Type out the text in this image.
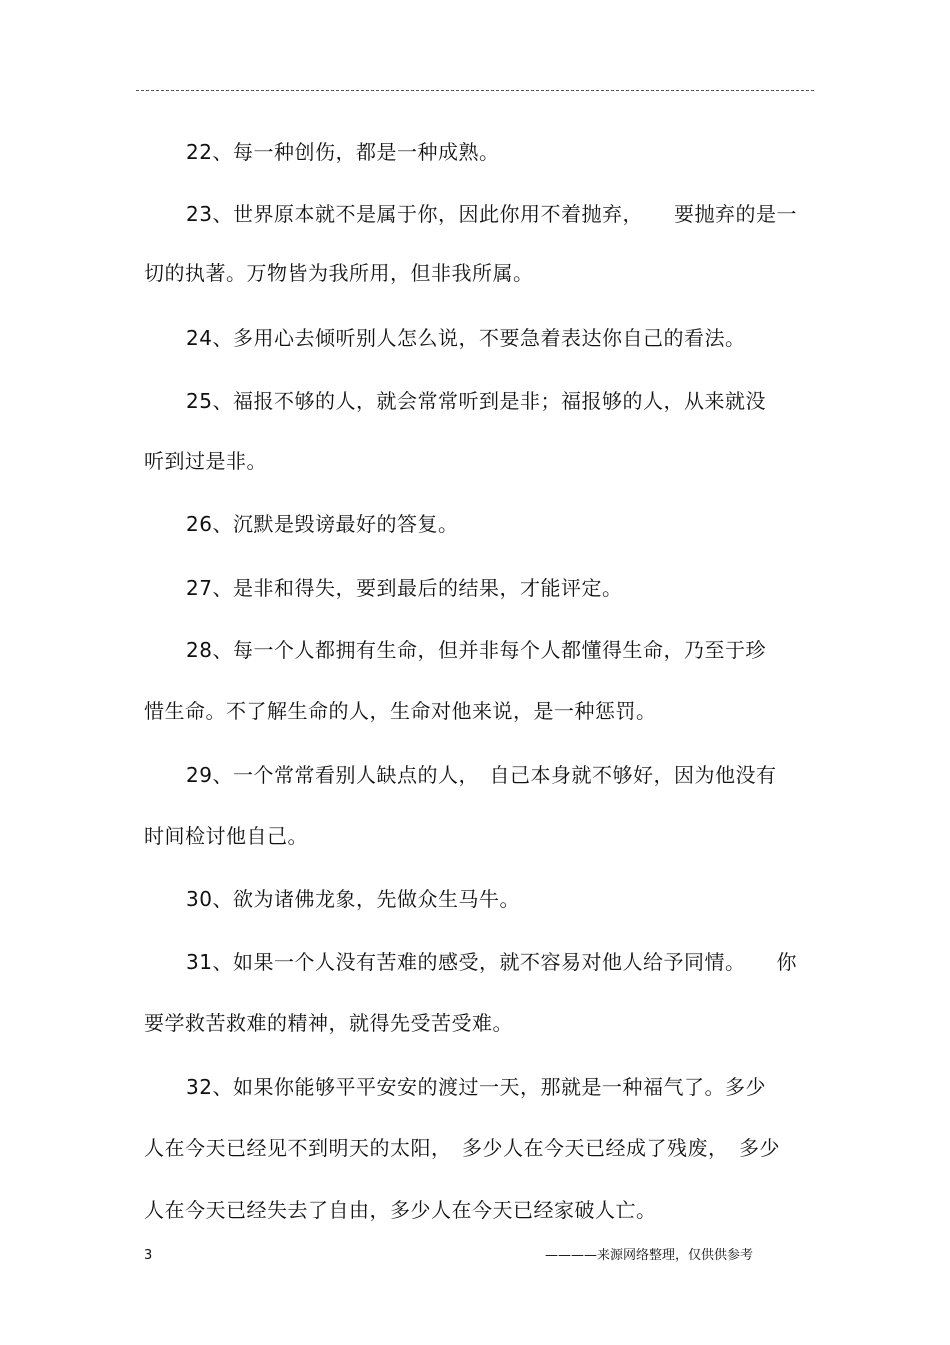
22、每一种创伤，都是一种成熟。
23、世界原本就不是属于你，因此你用不着抛弃，　　要抛弃的是一
切的执著。万物皆为我所用，但非我所属。
24、多用心去倾听别人怎么说，不要急着表达你自己的看法。
25、福报不够的人，就会常常听到是非；福报够的人，从来就没
听到过是非。
26、沉默是毁谤最好的答复。
27、是非和得失，要到最后的结果，才能评定。
28、每一个人都拥有生命，但并非每个人都懂得生命，乃至于珍
惜生命。不了解生命的人，生命对他来说，是一种惩罚。
29、一个常常看别人缺点的人，　自己本身就不够好，因为他没有
时间检讨他自己。
30、欲为诸佛龙象，先做众生马牛。
31、如果一个人没有苦难的感受，就不容易对他人给予同情。　　你
要学救苦救难的精神，就得先受苦受难。
32、如果你能够平平安安的渡过一天，那就是一种福气了。多少
人在今天已经见不到明天的太阳，　多少人在今天已经成了残废，　多少
人在今天已经失去了自由，多少人在今天已经家破人亡。
3	————来源网络整理，仅供供参考
